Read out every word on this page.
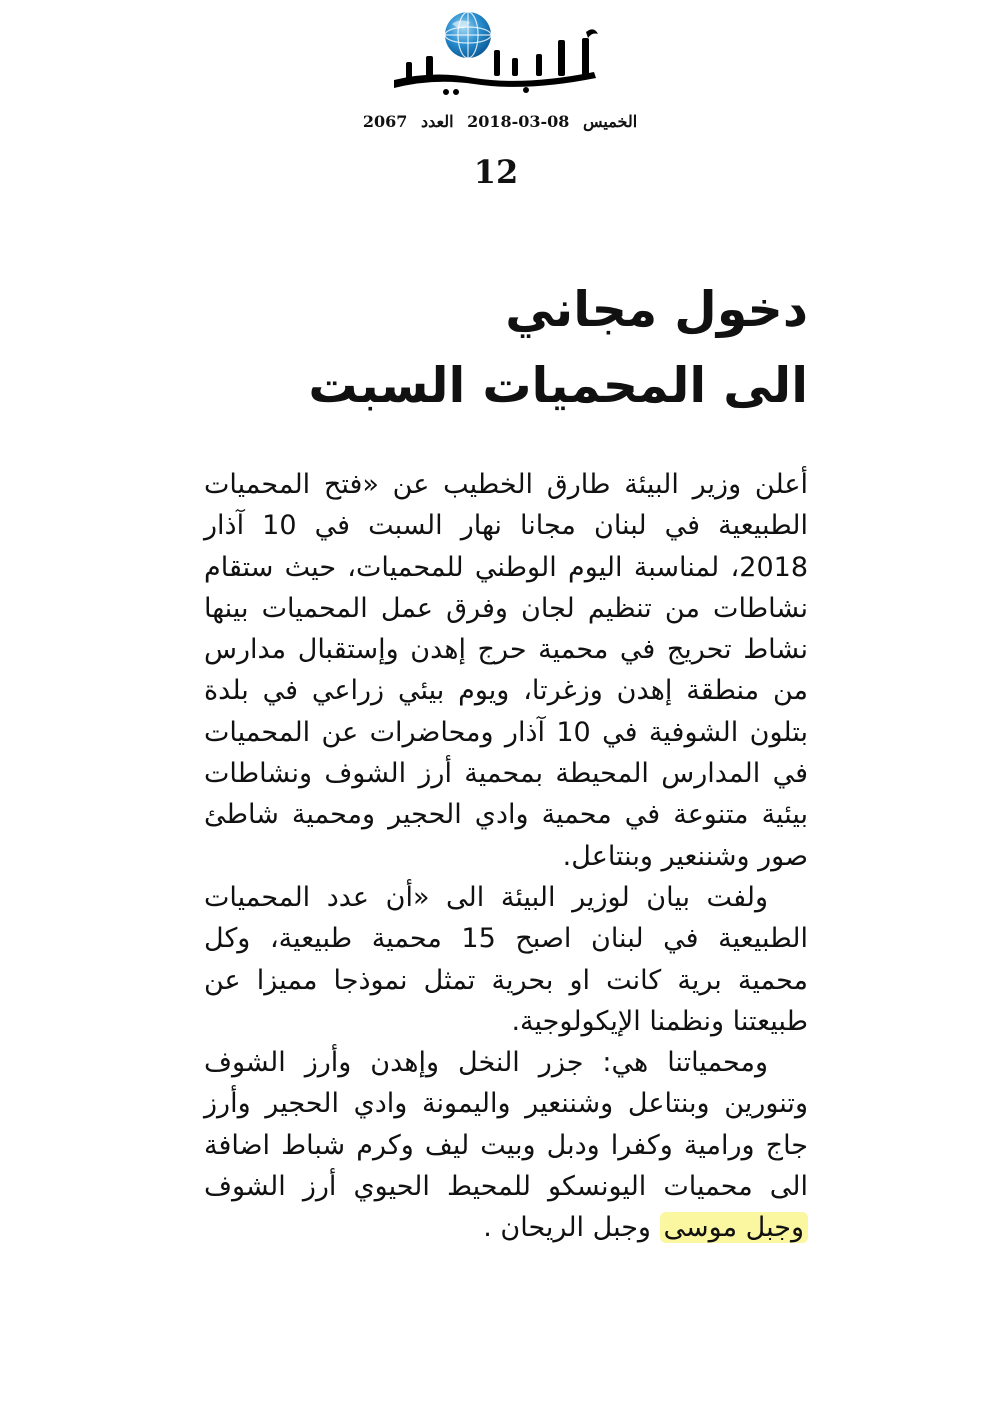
الخميس 08-03-2018 العدد 2067
12
دخول مجاني
الى المحميات السبت

أعلن وزير البيئة طارق الخطيب عن «فتح المحميات الطبيعية في لبنان مجانا نهار السبت في 10 آذار 2018، لمناسبة اليوم الوطني للمحميات، حيث ستقام نشاطات من تنظيم لجان وفرق عمل المحميات بينها نشاط تحريج في محمية حرج إهدن وإستقبال مدارس من منطقة إهدن وزغرتا، ويوم بيئي زراعي في بلدة بتلون الشوفية في 10 آذار ومحاضرات عن المحميات في المدارس المحيطة بمحمية أرز الشوف ونشاطات بيئية متنوعة في محمية وادي الحجير ومحمية شاطئ صور وشننعير وبنتاعل.

ولفت بيان لوزير البيئة الى «أن عدد المحميات الطبيعية في لبنان اصبح 15 محمية طبيعية، وكل محمية برية كانت او بحرية تمثل نموذجا مميزا عن طبيعتنا ونظمنا الإيكولوجية.

ومحمياتنا هي: جزر النخل وإهدن وأرز الشوف وتنورين وبنتاعل وشننعير واليمونة وادي الحجير وأرز جاج ورامية وكفرا ودبل وبيت ليف وكرم شباط اضافة الى محميات اليونسكو للمحيط الحيوي أرز الشوف وجبل موسى وجبل الريحان .
